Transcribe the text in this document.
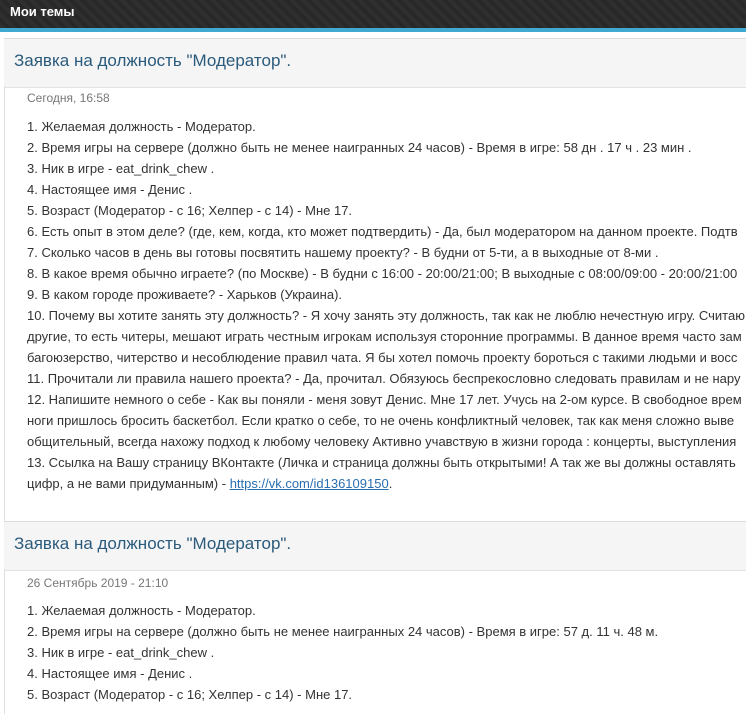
Мои темы
Заявка на должность "Модератор".
Сегодня, 16:58
1. Желаемая должность - Модератор.
2. Время игры на сервере (должно быть не менее наигранных 24 часов) - Время в игре: 58 дн . 17 ч . 23 мин .
3. Ник в игре - eat_drink_chew .
4. Настоящее имя - Денис .
5. Возраст (Модератор - с 16; Хелпер - с 14) - Мне 17.
6. Есть опыт в этом деле? (где, кем, когда, кто может подтвердить) - Да, был модератором на данном проекте. Подтв
7. Сколько часов в день вы готовы посвятить нашему проекту? - В будни от 5-ти, а в выходные от 8-ми .
8. В какое время обычно играете? (по Москве) - В будни с 16:00 - 20:00/21:00; В выходные с 08:00/09:00 - 20:00/21:00
9. В каком городе проживаете? - Харьков (Украина).
10. Почему вы хотите занять эту должность? - Я хочу занять эту должность, так как не люблю нечестную игру. Считаю
другие, то есть читеры, мешают играть честным игрокам используя сторонние программы. В данное время часто зам
багоюзерство, читерство и несоблюдение правил чата. Я бы хотел помочь проекту бороться с такими людьми и восс
11. Прочитали ли правила нашего проекта? - Да, прочитал. Обязуюсь беспрекословно следовать правилам и не нару
12. Напишите немного о себе - Как вы поняли - меня зовут Денис. Мне 17 лет. Учусь на 2-ом курсе. В свободное врем
ноги пришлось бросить баскетбол. Если кратко о себе, то не очень конфликтный человек, так как меня сложно выве
общительный, всегда нахожу подход к любому человеку Активно учавствую в жизни города : концерты, выступления
13. Ссылка на Вашу страницу ВКонтакте (Личка и страница должны быть открытыми! А так же вы должны оставлять
цифр, а не вами придуманным) - https://vk.com/id136109150.
Заявка на должность "Модератор".
26 Сентябрь 2019 - 21:10
1. Желаемая должность - Модератор.
2. Время игры на сервере (должно быть не менее наигранных 24 часов) - Время в игре: 57 д. 11 ч. 48 м.
3. Ник в игре - eat_drink_chew .
4. Настоящее имя - Денис .
5. Возраст (Модератор - с 16; Хелпер - с 14) - Мне 17.
